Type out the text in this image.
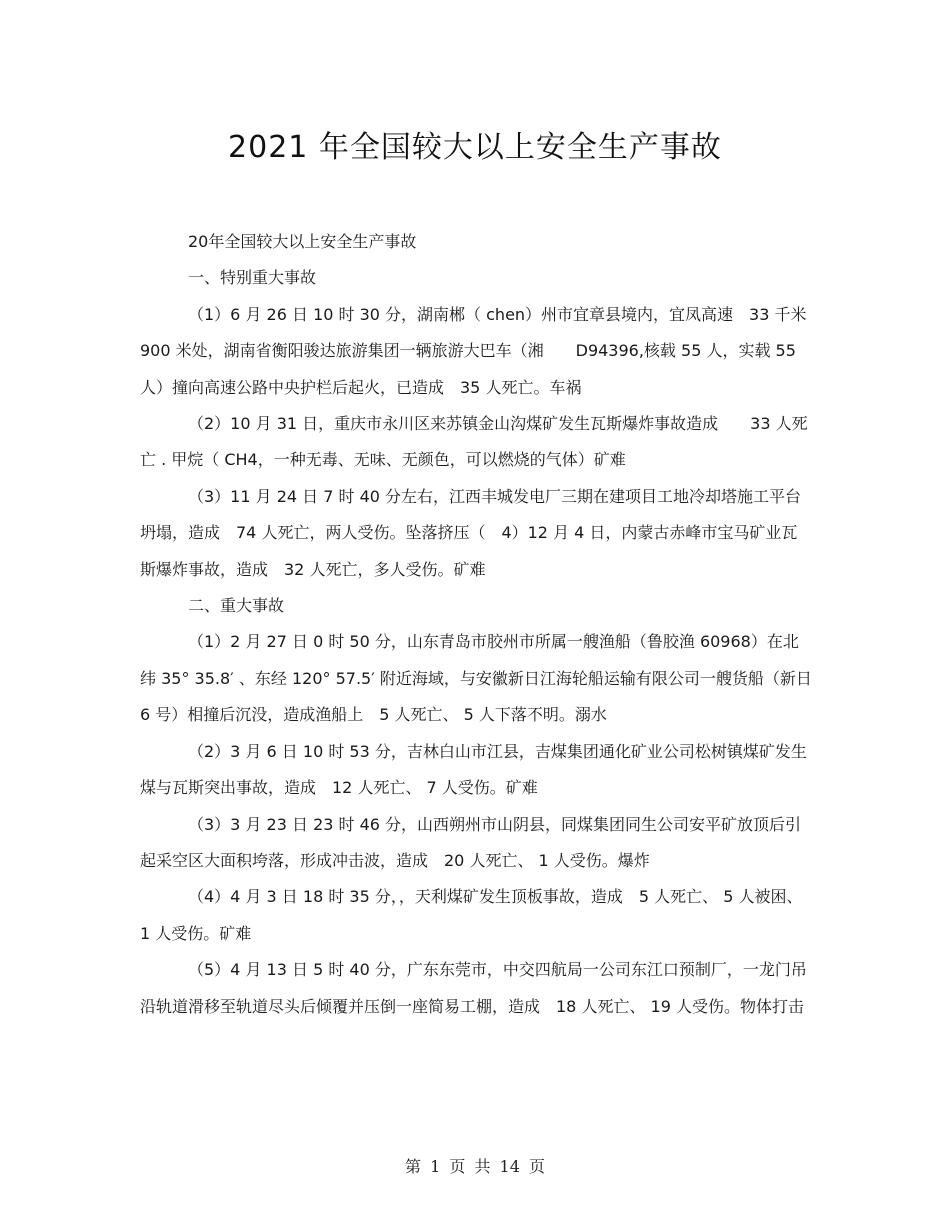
2021 年全国较大以上安全生产事故

20年全国较大以上安全生产事故

一、特别重大事故

（1）6 月 26 日 10 时 30 分，湖南郴（ chen）州市宜章县境内，宜凤高速　33 千米 900 米处，湖南省衡阳骏达旅游集团一辆旅游大巴车（湘　　D94396,核载 55 人，实载 55 人）撞向高速公路中央护栏后起火，已造成　35 人死亡。车祸

（2）10 月 31 日，重庆市永川区来苏镇金山沟煤矿发生瓦斯爆炸事故造成　　33 人死亡 . 甲烷（ CH4，一种无毒、无味、无颜色，可以燃烧的气体）矿难

（3）11 月 24 日 7 时 40 分左右，江西丰城发电厂三期在建项目工地冷却塔施工平台坍塌，造成　74 人死亡，两人受伤。坠落挤压（　4）12 月 4 日，内蒙古赤峰市宝马矿业瓦斯爆炸事故，造成　32 人死亡，多人受伤。矿难

二、重大事故

（1）2 月 27 日 0 时 50 分，山东青岛市胶州市所属一艘渔船（鲁胶渔 60968）在北纬 35° 35.8′ 、东经 120° 57.5′ 附近海域，与安徽新日江海轮船运输有限公司一艘货船（新日　6 号）相撞后沉没，造成渔船上　5 人死亡、 5 人下落不明。溺水

（2）3 月 6 日 10 时 53 分，吉林白山市江县，吉煤集团通化矿业公司松树镇煤矿发生煤与瓦斯突出事故，造成　12 人死亡、 7 人受伤。矿难

（3）3 月 23 日 23 时 46 分，山西朔州市山阴县，同煤集团同生公司安平矿放顶后引起采空区大面积垮落，形成冲击波，造成　20 人死亡、 1 人受伤。爆炸

（4）4 月 3 日 18 时 35 分，，天利煤矿发生顶板事故，造成　5 人死亡、 5 人被困、 1 人受伤。矿难

（5）4 月 13 日 5 时 40 分，广东东莞市，中交四航局一公司东江口预制厂，一龙门吊沿轨道滑移至轨道尽头后倾覆并压倒一座简易工棚，造成　18 人死亡、 19 人受伤。物体打击

第 1 页 共 14 页
